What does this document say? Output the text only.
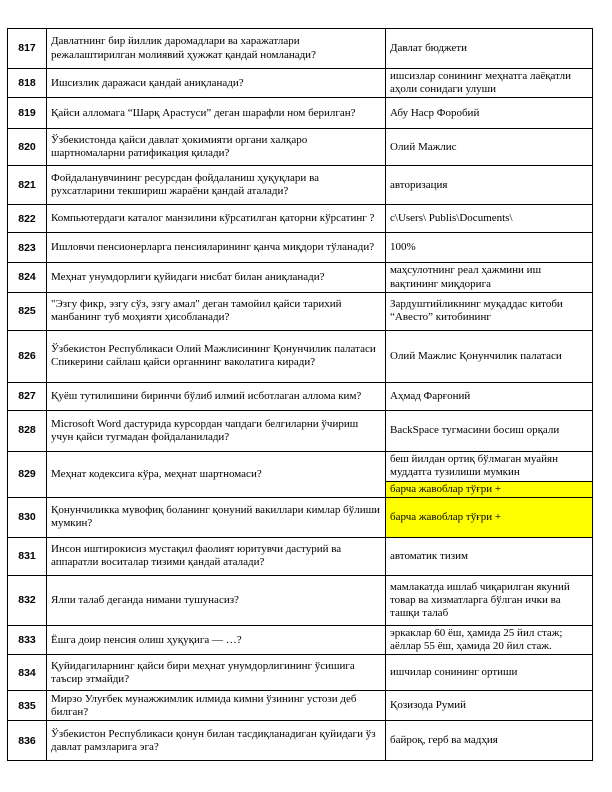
817	Давлатнинг бир йиллик даромадлари ва харажатлари режалаштирилган молиявий ҳужжат қандай номланади?	Давлат бюджети
818	Ишсизлик даражаси қандай аниқланади?	ишсизлар сонининг меҳнатга лаёқатли аҳоли сонидаги улуши
819	Қайси алломага “Шарқ Арастуси” деган шарафли ном берилган?	Абу Наср Форобий
820	Ўзбекистонда қайси давлат ҳокимияти органи халқаро шартномаларни ратификация қилади?	Олий Мажлис
821	Фойдаланувчининг ресурсдан фойдаланиш ҳуқуқлари ва рухсатларини текшириш жараёни қандай аталади?	авторизация
822	Компьютердаги каталог манзилини кўрсатилган қаторни кўрсатинг ?	c\Users\ Publis\Documents\
823	Ишловчи пенсионерларга пенсияларининг қанча миқдори тўланади?	100%
824	Меҳнат унумдорлиги қуйидаги нисбат билан аниқланади?	маҳсулотнинг реал ҳажмини иш вақтининг миқдорига
825	"Эзгу фикр, эзгу сўз, эзгу амал" деган тамойил қайси тарихий манбанинг туб моҳияти ҳисобланади?	Зардуштийликнинг муқаддас китоби “Авесто” китобининг
826	Ўзбекистон Республикаси Олий Мажлисининг Қонунчилик палатаси Спикерини сайлаш қайси органнинг ваколатига киради?	Олий Мажлис Қонунчилик палатаси
827	Қуёш тутилишини биринчи бўлиб илмий исботлаган аллома ким?	Аҳмад Фарғоний
828	Microsoft Word дастурида курсордан чапдаги белгиларни ўчириш учун қайси тугмадан фойдаланилади?	BackSpace тугмасини босиш орқали
829	Меҳнат кодексига кўра, меҳнат шартномаси?	беш йилдан ортиқ бўлмаган муайян муддатга тузилиши мумкин
		барча жавоблар тўғри +
830	Қонунчиликка мувофиқ боланинг қонуний вакиллари кимлар бўлиши мумкин?	барча жавоблар тўғри +
831	Инсон иштирокисиз мустақил фаолият юритувчи дастурий ва аппаратли воситалар тизими қандай аталади?	автоматик тизим
832	Ялпи талаб деганда нимани тушунасиз?	мамлакатда ишлаб чиқарилган якуний товар ва хизматларга бўлган ички ва ташқи талаб
833	Ёшга доир пенсия олиш ҳуқуқига — …?	эркаклар 60 ёш, ҳамида 25 йил стаж; аёллар 55 ёш, ҳамида 20 йил стаж.
834	Қуйидагиларнинг қайси бири меҳнат унумдорлигининг ўсишига таъсир этмайди?	ишчилар сонининг ортиши
835	Мирзо Улуғбек мунажжимлик илмида кимни ўзининг устози деб билган?	Қозизода Румий
836	Ўзбекистон Республикаси қонун билан тасдиқланадиган қуйидаги ўз давлат рамзларига эга?	байроқ, герб ва мадҳия
